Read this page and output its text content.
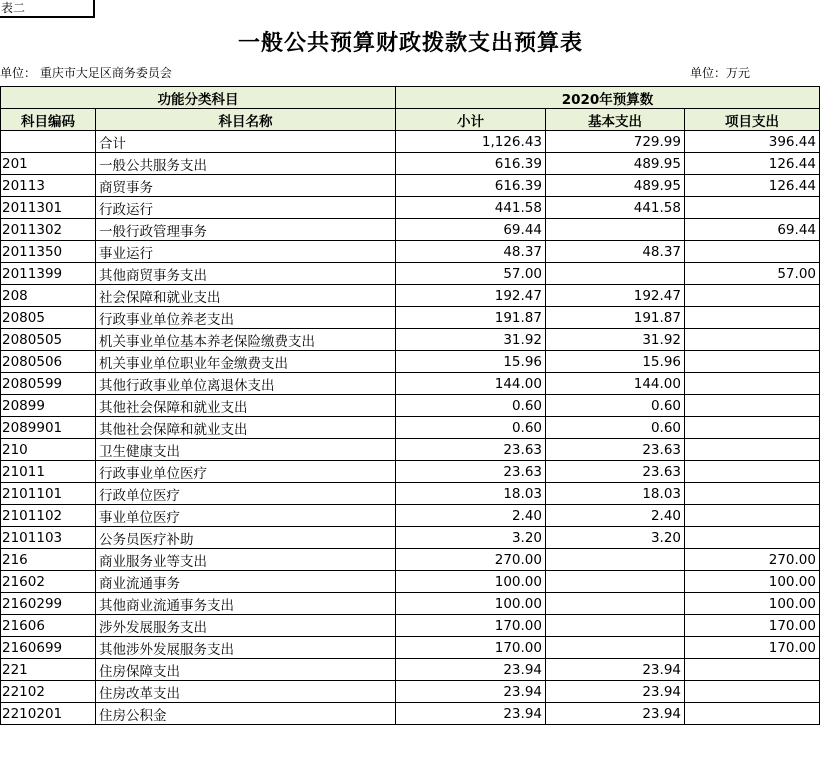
表二
一般公共预算财政拨款支出预算表
单位： 重庆市大足区商务委员会	单位：万元
功能分类科目		2020年预算数		
科目编码	科目名称	小计	基本支出	项目支出
	合计	1,126.43	729.99	396.44
201	一般公共服务支出	616.39	489.95	126.44
20113	商贸事务	616.39	489.95	126.44
2011301	行政运行	441.58	441.58	
2011302	一般行政管理事务	69.44		69.44
2011350	事业运行	48.37	48.37	
2011399	其他商贸事务支出	57.00		57.00
208	社会保障和就业支出	192.47	192.47	
20805	行政事业单位养老支出	191.87	191.87	
2080505	机关事业单位基本养老保险缴费支出	31.92	31.92	
2080506	机关事业单位职业年金缴费支出	15.96	15.96	
2080599	其他行政事业单位离退休支出	144.00	144.00	
20899	其他社会保障和就业支出	0.60	0.60	
2089901	其他社会保障和就业支出	0.60	0.60	
210	卫生健康支出	23.63	23.63	
21011	行政事业单位医疗	23.63	23.63	
2101101	行政单位医疗	18.03	18.03	
2101102	事业单位医疗	2.40	2.40	
2101103	公务员医疗补助	3.20	3.20	
216	商业服务业等支出	270.00		270.00
21602	商业流通事务	100.00		100.00
2160299	其他商业流通事务支出	100.00		100.00
21606	涉外发展服务支出	170.00		170.00
2160699	其他涉外发展服务支出	170.00		170.00
221	住房保障支出	23.94	23.94	
22102	住房改革支出	23.94	23.94	
2210201	住房公积金	23.94	23.94	
